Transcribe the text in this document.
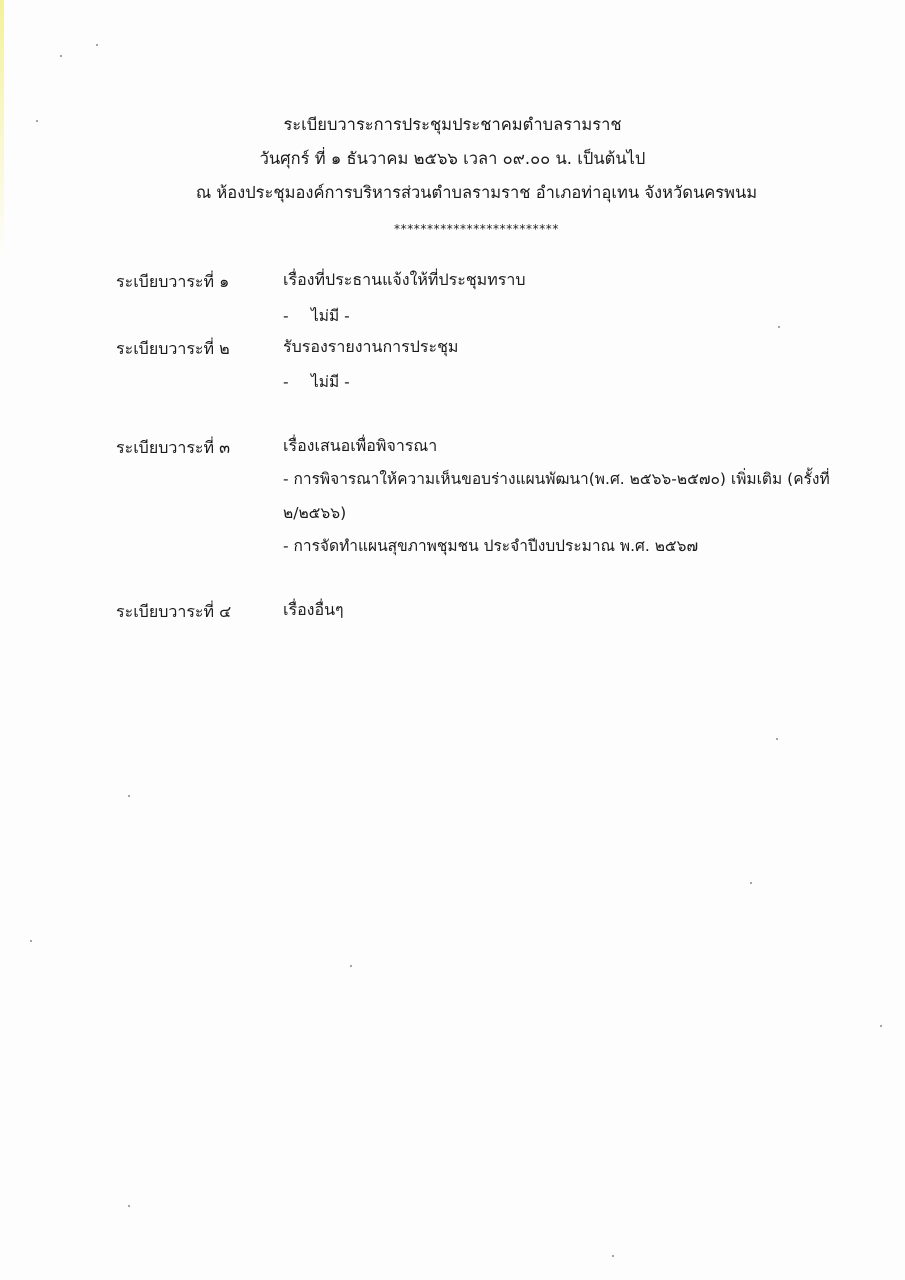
ระเบียบวาระการประชุมประชาคมตำบลรามราช
วันศุกร์ ที่ ๑ ธันวาคม ๒๕๖๖ เวลา ๐๙.๐๐ น. เป็นต้นไป
ณ ห้องประชุมองค์การบริหารส่วนตำบลรามราช อำเภอท่าอุเทน จังหวัดนครพนม
*************************
ระเบียบวาระที่ ๑	เรื่องที่ประธานแจ้งให้ที่ประชุมทราบ
- ไม่มี -
ระเบียบวาระที่ ๒	รับรองรายงานการประชุม
- ไม่มี -
ระเบียบวาระที่ ๓	เรื่องเสนอเพื่อพิจารณา
- การพิจารณาให้ความเห็นขอบร่างแผนพัฒนา(พ.ศ. ๒๕๖๖-๒๕๗๐) เพิ่มเติม (ครั้งที่
๒/๒๕๖๖)
- การจัดทำแผนสุขภาพชุมชน ประจำปีงบประมาณ พ.ศ. ๒๕๖๗
ระเบียบวาระที่ ๔	เรื่องอื่นๆ
